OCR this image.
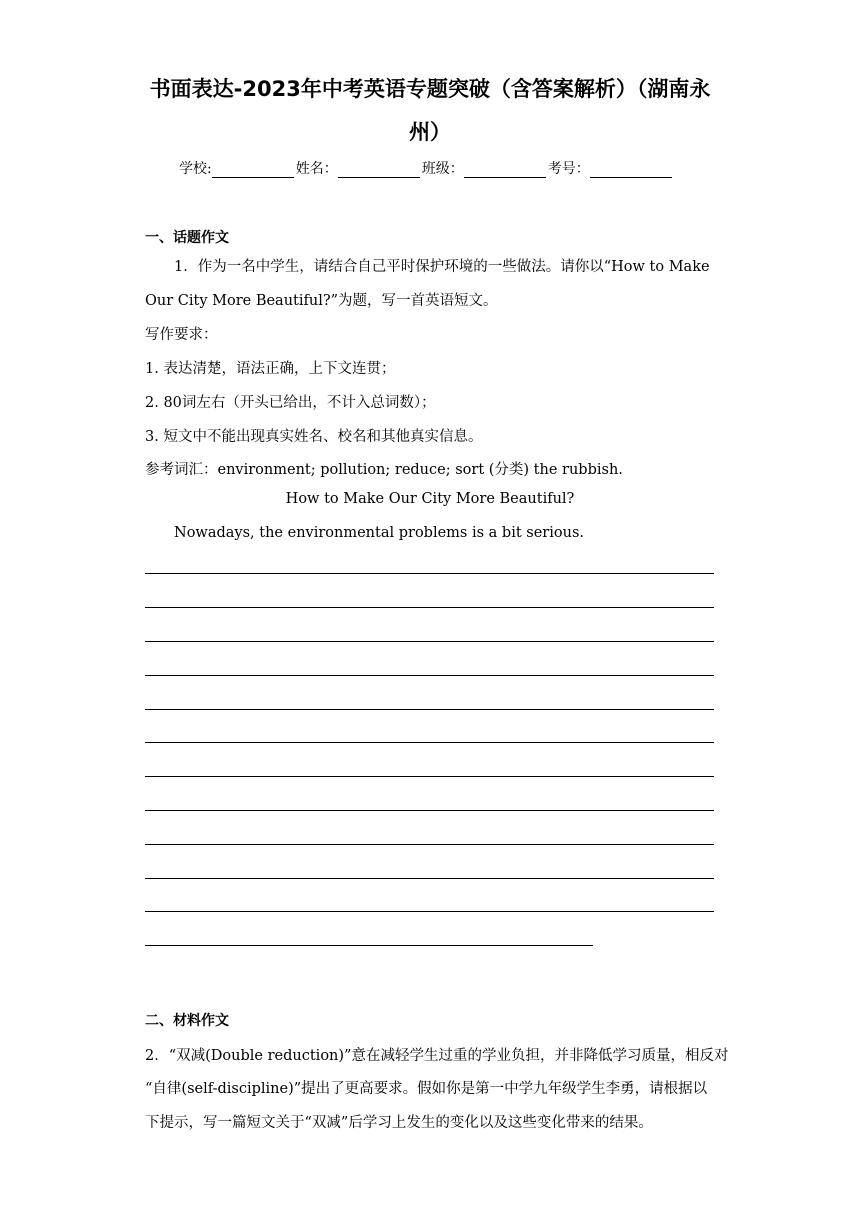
书面表达-2023年中考英语专题突破（含答案解析）（湖南永
州）
学校:	姓名：	班级：	考号：
一、话题作文
1．作为一名中学生，请结合自己平时保护环境的一些做法。请你以“How to Make
Our City More Beautiful?”为题，写一首英语短文。
写作要求：
1. 表达清楚，语法正确，上下文连贯；
2. 80词左右（开头已给出，不计入总词数）；
3. 短文中不能出现真实姓名、校名和其他真实信息。
参考词汇：environment; pollution; reduce; sort (分类) the rubbish.
How to Make Our City More Beautiful?
Nowadays, the environmental problems is a bit serious.
二、材料作文
2．“双减(Double reduction)”意在减轻学生过重的学业负担，并非降低学习质量，相反对
“自律(self-discipline)”提出了更高要求。假如你是第一中学九年级学生李勇，请根据以
下提示，写一篇短文关于“双减”后学习上发生的变化以及这些变化带来的结果。
